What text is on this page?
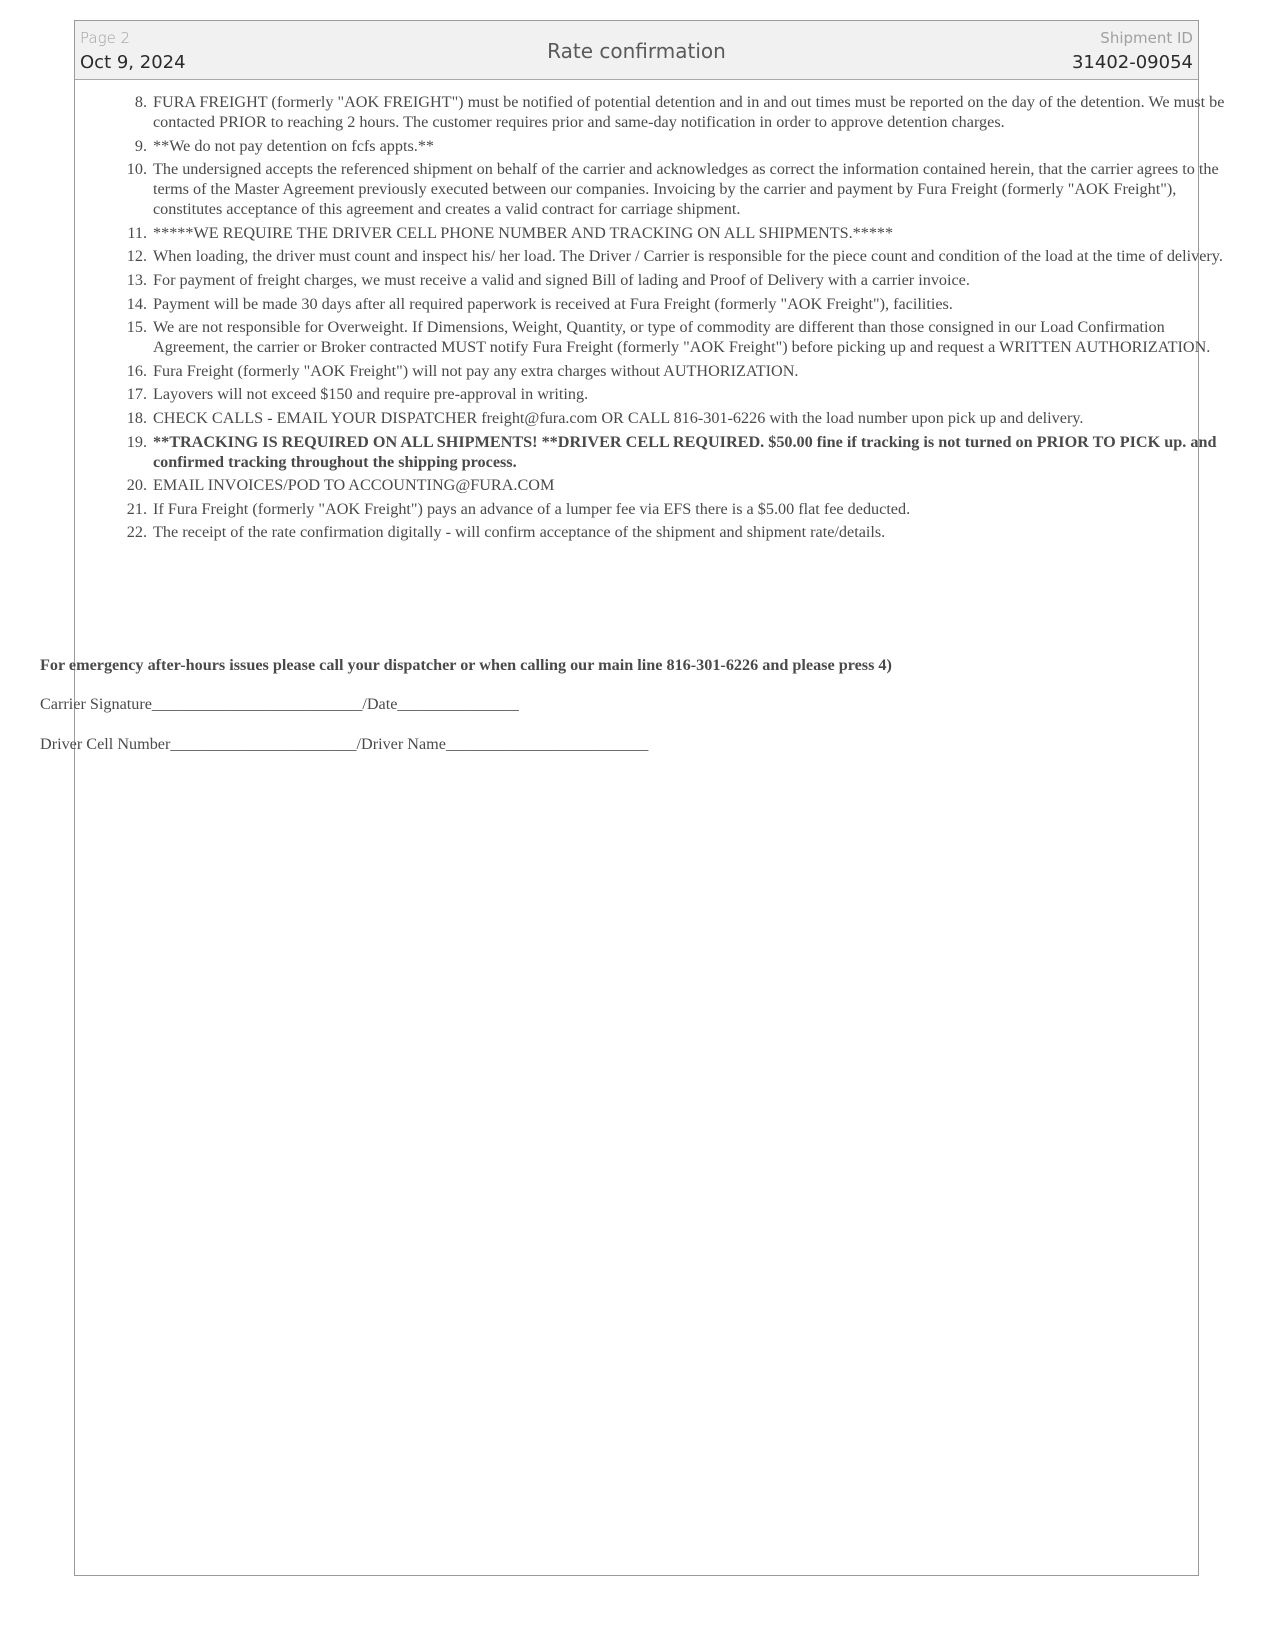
Page 2
Oct 9, 2024	Rate confirmation
Shipment ID
31402-09054
8. FURA FREIGHT (formerly "AOK FREIGHT") must be notified of potential detention and in and out times must be reported on the day of the detention. We must be contacted PRIOR to reaching 2 hours. The customer requires prior and same-day notification in order to approve detention charges.
9. **We do not pay detention on fcfs appts.**
10. The undersigned accepts the referenced shipment on behalf of the carrier and acknowledges as correct the information contained herein, that the carrier agrees to the terms of the Master Agreement previously executed between our companies. Invoicing by the carrier and payment by Fura Freight (formerly "AOK Freight"), constitutes acceptance of this agreement and creates a valid contract for carriage shipment.
11. *****WE REQUIRE THE DRIVER CELL PHONE NUMBER AND TRACKING ON ALL SHIPMENTS.*****
12. When loading, the driver must count and inspect his/ her load. The Driver / Carrier is responsible for the piece count and condition of the load at the time of delivery.
13. For payment of freight charges, we must receive a valid and signed Bill of lading and Proof of Delivery with a carrier invoice.
14. Payment will be made 30 days after all required paperwork is received at Fura Freight (formerly "AOK Freight"), facilities.
15. We are not responsible for Overweight. If Dimensions, Weight, Quantity, or type of commodity are different than those consigned in our Load Confirmation Agreement, the carrier or Broker contracted MUST notify Fura Freight (formerly "AOK Freight") before picking up and request a WRITTEN AUTHORIZATION.
16. Fura Freight (formerly "AOK Freight") will not pay any extra charges without AUTHORIZATION.
17. Layovers will not exceed $150 and require pre-approval in writing.
18. CHECK CALLS - EMAIL YOUR DISPATCHER freight@fura.com OR CALL 816-301-6226 with the load number upon pick up and delivery.
19. **TRACKING IS REQUIRED ON ALL SHIPMENTS! **DRIVER CELL REQUIRED. $50.00 fine if tracking is not turned on PRIOR TO PICK up. and confirmed tracking throughout the shipping process.
20. EMAIL INVOICES/POD TO ACCOUNTING@FURA.COM
21. If Fura Freight (formerly "AOK Freight") pays an advance of a lumper fee via EFS there is a $5.00 flat fee deducted.
22. The receipt of the rate confirmation digitally - will confirm acceptance of the shipment and shipment rate/details.
For emergency after-hours issues please call your dispatcher or when calling our main line 816-301-6226 and please press 4)
Carrier Signature__________________________/Date_______________
Driver Cell Number_______________________/Driver Name_________________________
